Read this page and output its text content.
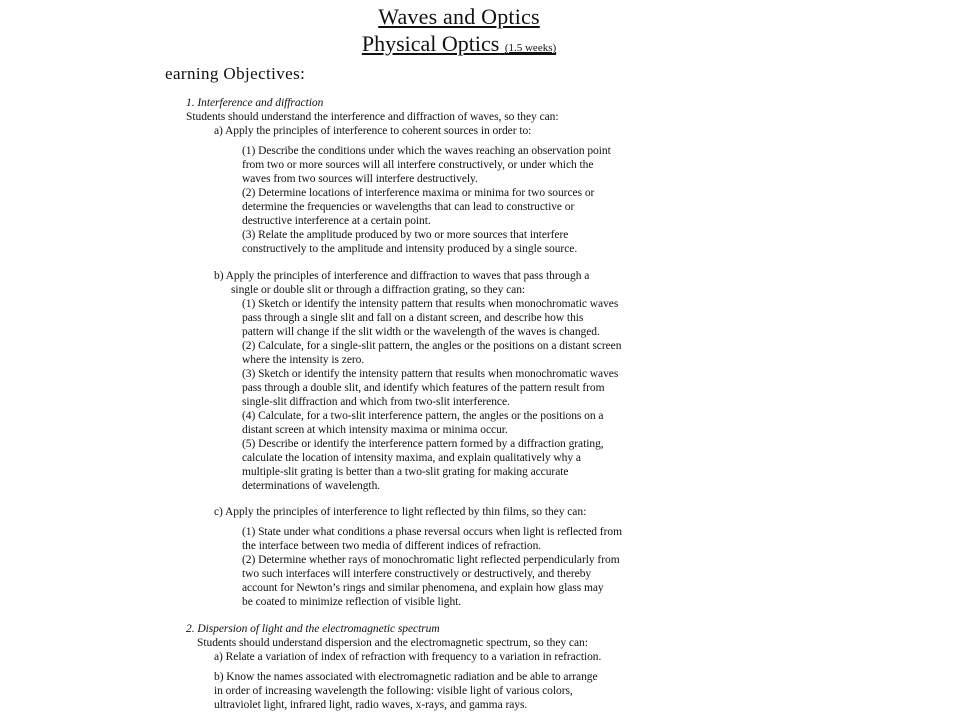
Waves and Optics
Physical Optics (1.5 weeks)
earning Objectives:
1. Interference and diffraction
Students should understand the interference and diffraction of waves, so they can:
a) Apply the principles of interference to coherent sources in order to:
(1) Describe the conditions under which the waves reaching an observation point
from two or more sources will all interfere constructively, or under which the
waves from two sources will interfere destructively.
(2) Determine locations of interference maxima or minima for two sources or
determine the frequencies or wavelengths that can lead to constructive or
destructive interference at a certain point.
(3) Relate the amplitude produced by two or more sources that interfere
constructively to the amplitude and intensity produced by a single source.
b) Apply the principles of interference and diffraction to waves that pass through a
single or double slit or through a diffraction grating, so they can:
(1) Sketch or identify the intensity pattern that results when monochromatic waves
pass through a single slit and fall on a distant screen, and describe how this
pattern will change if the slit width or the wavelength of the waves is changed.
(2) Calculate, for a single-slit pattern, the angles or the positions on a distant screen
where the intensity is zero.
(3) Sketch or identify the intensity pattern that results when monochromatic waves
pass through a double slit, and identify which features of the pattern result from
single-slit diffraction and which from two-slit interference.
(4) Calculate, for a two-slit interference pattern, the angles or the positions on a
distant screen at which intensity maxima or minima occur.
(5) Describe or identify the interference pattern formed by a diffraction grating,
calculate the location of intensity maxima, and explain qualitatively why a
multiple-slit grating is better than a two-slit grating for making accurate
determinations of wavelength.
c) Apply the principles of interference to light reflected by thin films, so they can:
(1) State under what conditions a phase reversal occurs when light is reflected from
the interface between two media of different indices of refraction.
(2) Determine whether rays of monochromatic light reflected perpendicularly from
two such interfaces will interfere constructively or destructively, and thereby
account for Newton’s rings and similar phenomena, and explain how glass may
be coated to minimize reflection of visible light.
2. Dispersion of light and the electromagnetic spectrum
Students should understand dispersion and the electromagnetic spectrum, so they can:
a) Relate a variation of index of refraction with frequency to a variation in refraction.
b) Know the names associated with electromagnetic radiation and be able to arrange
in order of increasing wavelength the following: visible light of various colors,
ultraviolet light, infrared light, radio waves, x-rays, and gamma rays.
